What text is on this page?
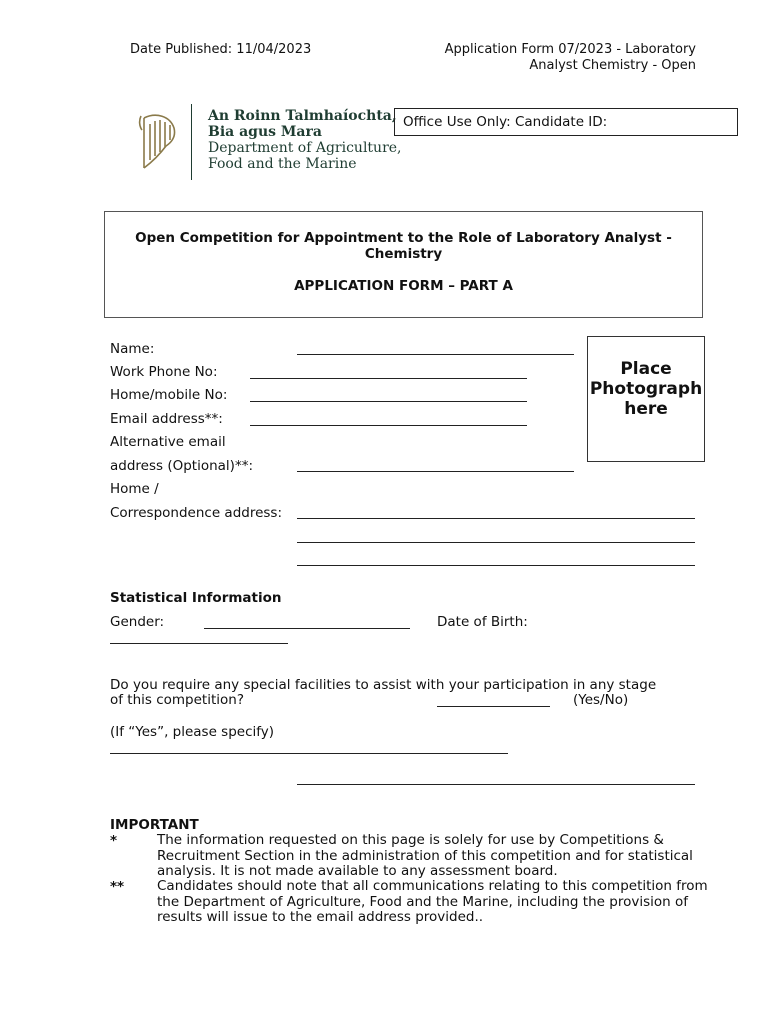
Date Published: 11/04/2023	Application Form 07/2023 - Laboratory
Analyst Chemistry - Open
An Roinn Talmhaíochta,
Bia agus Mara
Department of Agriculture,
Food and the Marine
Office Use Only: Candidate ID:
Open Competition for Appointment to the Role of Laboratory Analyst - Chemistry
APPLICATION FORM – PART A
Place Photograph here
Name:
Work Phone No:
Home/mobile No:
Email address**:
Alternative email
address (Optional)**:
Home /
Correspondence address:
Statistical Information
Gender:	Date of Birth:
Do you require any special facilities to assist with your participation in any stage
of this competition?	(Yes/No)
(If “Yes”, please specify)
IMPORTANT
*	The information requested on this page is solely for use by Competitions & Recruitment Section in the administration of this competition and for statistical analysis. It is not made available to any assessment board.
** Candidates should note that all communications relating to this competition from the Department of Agriculture, Food and the Marine, including the provision of results will issue to the email address provided..
